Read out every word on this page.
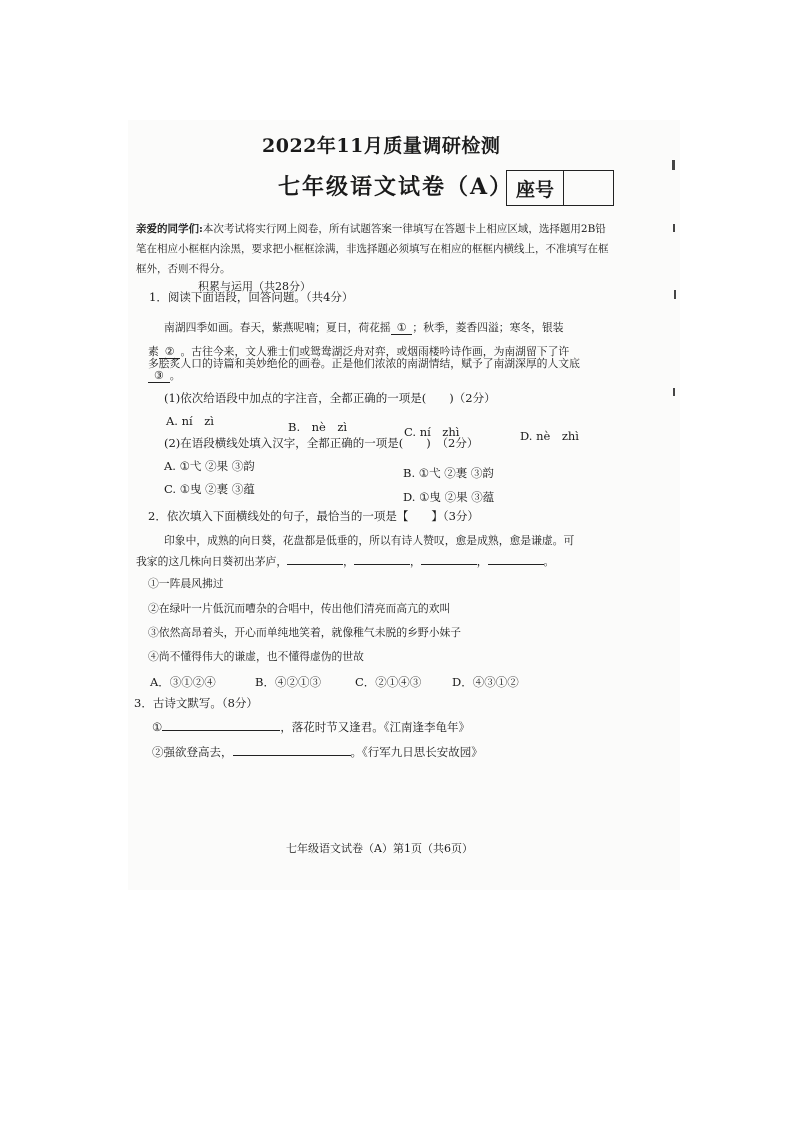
2022年11月质量调研检测
七年级语文试卷（A） 座号
亲爱的同学们:本次考试将实行网上阅卷，所有试题答案一律填写在答题卡上相应区域，选择题用2B铅笔在相应小框框内涂黑，要求把小框框涂满，非选择题必须填写在相应的框框内横线上，不准填写在框框外，否则不得分。
积累与运用（共28分）
1．阅读下面语段，回答问题。（共4分）
南湖四季如画。春天，紫燕呢喃；夏日，荷花摇 ① ；秋季，菱香四溢；寒冬，银装
素 ② 。古往今来，文人雅士们或鸳鸯湖泛舟对弈，或烟雨楼吟诗作画，为南湖留下了许
多脍炙人口的诗篇和美妙绝伦的画卷。正是他们浓浓的南湖情结，赋予了南湖深厚的人文底
③ 。
(1)依次给语段中加点的字注音，全都正确的一项是(　　)（2分）
A. ní　zì	B.　nè　zì	C. ní　zhì	D. nè　zhì
(2)在语段横线处填入汉字，全都正确的一项是(　　)　（2分）
A. ①弋 ②果 ③韵	B. ①弋 ②裹 ③韵
C. ①曳 ②裹 ③蕴
D. ①曳 ②果 ③蕴
2．依次填入下面横线处的句子，最恰当的一项是【　　】（3分）
印象中，成熟的向日葵，花盘都是低垂的，所以有诗人赞叹，愈是成熟，愈是谦虚。可
我家的这几株向日葵初出茅庐，	，	，	，	。
①一阵晨风拂过
②在绿叶一片低沉而嘈杂的合唱中，传出他们清亮而高亢的欢叫
③依然高昂着头，开心而单纯地笑着，就像稚气未脱的乡野小妹子
④尚不懂得伟大的谦虚，也不懂得虚伪的世故
A．③①②④	B．④②①③	C．②①④③	D．④③①②
3．古诗文默写。（8分）
①	，落花时节又逢君。《江南逢李龟年》
②强欲登高去，	。《行军九日思长安故园》
七年级语文试卷（A）第1页（共6页）
